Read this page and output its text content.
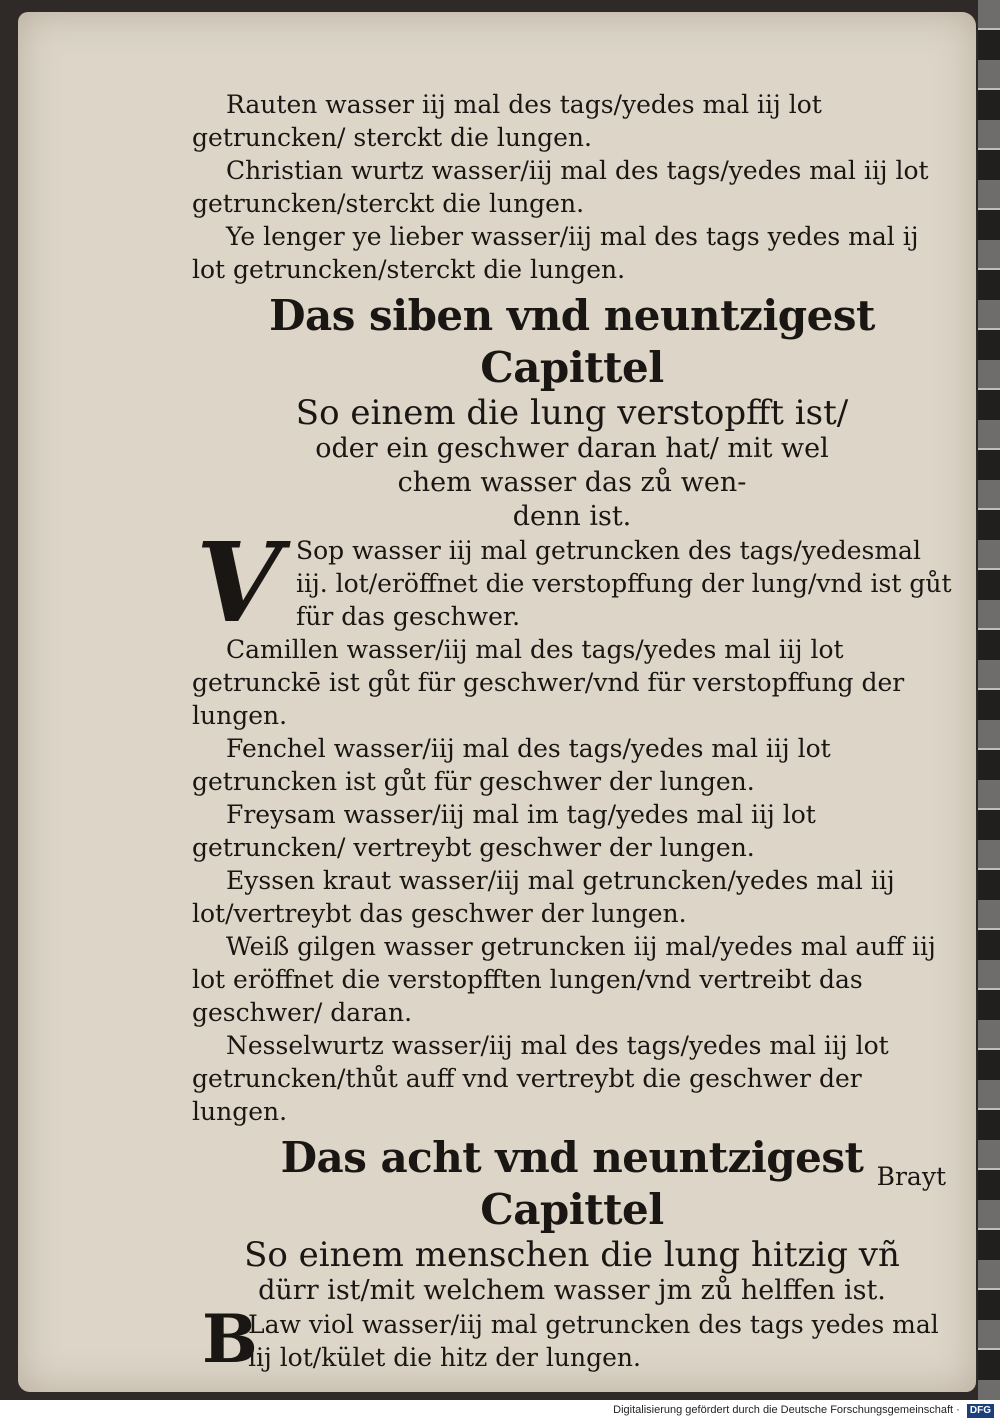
Rauten wasser iij mal des tags/yedes mal iij lot getruncken/ sterckt die lungen.

Christian wurtz wasser/iij mal des tags/yedes mal iij lot getruncken/sterckt die lungen.

Ye lenger ye lieber wasser/iij mal des tags yedes mal ij lot getruncken/sterckt die lungen.

Das siben vnd neuntzigest Capittel
So einem die lung verstopfft ist/
oder ein geschwer daran hat/ mit wel
chem wasser das zů wen-
denn ist.
V Sop wasser iij mal getruncken des tags/yedesmal iij. lot/eröffnet die verstopffung der lung/vnd ist gůt für das geschwer.

Camillen wasser/iij mal des tags/yedes mal iij lot getrunckē ist gůt für geschwer/vnd für verstopffung der lungen.

Fenchel wasser/iij mal des tags/yedes mal iij lot getruncken ist gůt für geschwer der lungen.

Freysam wasser/iij mal im tag/yedes mal iij lot getruncken/ vertreybt geschwer der lungen.

Eyssen kraut wasser/iij mal getruncken/yedes mal iij lot/vertreybt das geschwer der lungen.

Weiß gilgen wasser getruncken iij mal/yedes mal auff iij lot eröffnet die verstopfften lungen/vnd vertreibt das geschwer/ daran.

Nesselwurtz wasser/iij mal des tags/yedes mal iij lot getruncken/thůt auff vnd vertreybt die geschwer der lungen.

Das acht vnd neuntzigest Capittel
So einem menschen die lung hitzig vñ
dürr ist/mit welchem wasser jm zů helffen ist.
B
Law viol wasser/iij mal getruncken des tags yedes mal iij lot/kület die hitz der lungen.
Brayt
Digitalisierung gefördert durch die Deutsche Forschungsgemeinschaft · DFG
